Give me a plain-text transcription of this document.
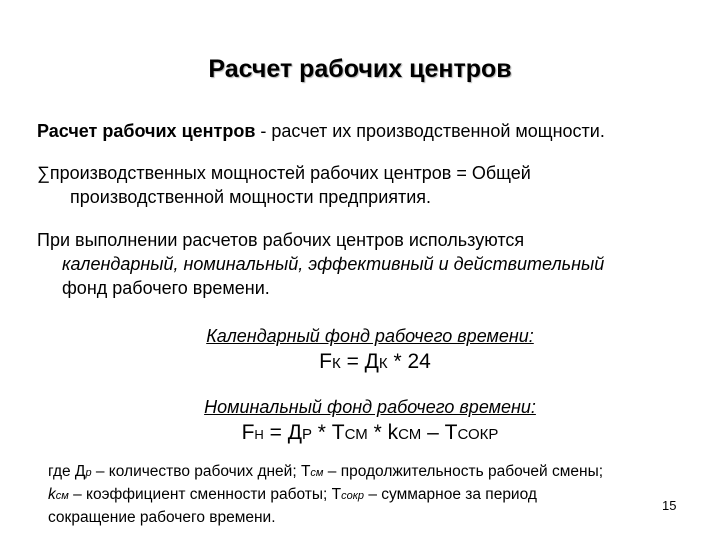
Расчет рабочих центров
Расчет рабочих центров - расчет их производственной мощности.
∑производственных мощностей рабочих центров = Общей
производственной мощности предприятия.
При выполнении расчетов рабочих центров используются
календарный, номинальный, эффективный и действительный
фонд рабочего времени.
Календарный фонд рабочего времени:
FК = ДК * 24
Номинальный фонд рабочего времени:
FН = ДР * ТСМ * kСМ – ТСОКР
где Др – количество рабочих дней; Тсм – продолжительность рабочей смены;
kсм – коэффициент сменности работы; Тсокр – суммарное за период
сокращение рабочего времени.
15
